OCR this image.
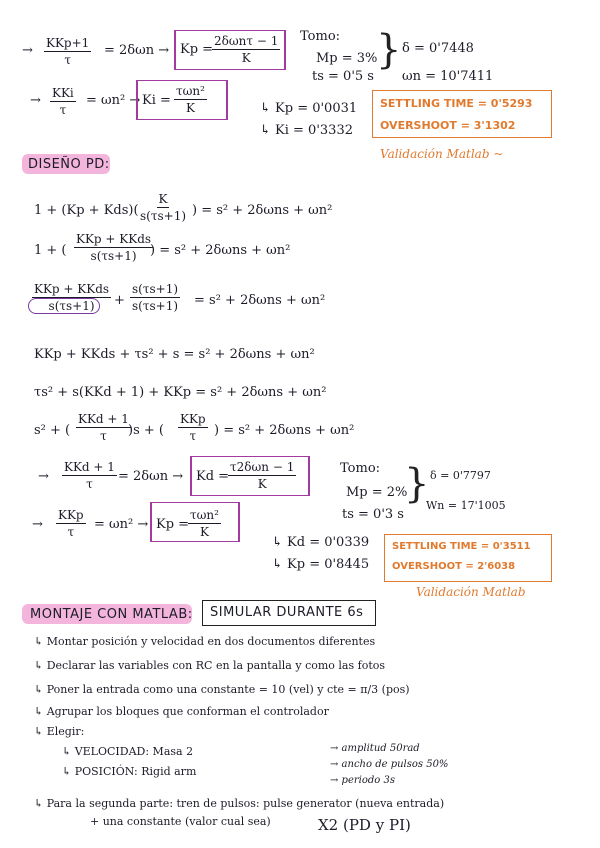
→ KKp+1
τ
= 2δωn → Kp =
2δωnτ − 1
K
→ KKi
τ
= ωn² → Ki =
τωn²
K
Tomo:
Mp = 3%
ts = 0'5 s
} δ = 0'7448
ωn = 10'7411
↳ Kp = 0'0031
↳ Ki = 0'3332
SETTLING TIME = 0'5293
OVERSHOOT = 3'1302
Validación Matlab ~
DISEÑO PD:
$1 + (Kp + Kds)( \frac{K}{s(\tau s+1)}$ ) = s² + 2δωns + ωn²
1 + (
KKp + KKds
s(τs+1) ) = s² + 2δωns + ωn²
KKp + KKds
$s(\tau s+1) + \frac{s(\tau s+1)}{s(\tau s+1)} = s^2 + 2\delta\omega ns + \omega n^2$
KKp + KKds + τs² + s = s² + 2δωns + ωn²
τs² + s(KKd + 1) + KKp = s² + 2δωns + ωn²
s² + (
KKd + 1
τ )s + (
KKp
τ ) = s² + 2δωns + ωn²
→
KKd + 1
τ = 2δωn → Kd =
τ2δωn − 1
K
→
KKp
τ = ωn² → Kp =
τωn²
K
Tomo:
Mp = 2%
ts = 0'3 s
} δ = 0'7797
Wn = 17'1005
↳ Kd = 0'0339
↳ Kp = 0'8445
SETTLING TIME = 0'3511
OVERSHOOT = 2'6038
Validación Matlab
MONTAJE CON MATLAB: SIMULAR DURANTE 6s
↳ Montar posición y velocidad en dos documentos diferentes
↳ Declarar las variables con RC en la pantalla y como las fotos
↳ Poner la entrada como una constante = 10 (vel) y cte = π/3 (pos)
↳ Agrupar los bloques que conforman el controlador
↳ Elegir:
↳ VELOCIDAD: Masa 2
↳ POSICIÓN: Rigid arm
→ amplitud 50rad
→ ancho de pulsos 50%
→ periodo 3s
↳ Para la segunda parte: tren de pulsos: pulse generator (nueva entrada)
+ una constante (valor cual sea)	X2 (PD y PI)
